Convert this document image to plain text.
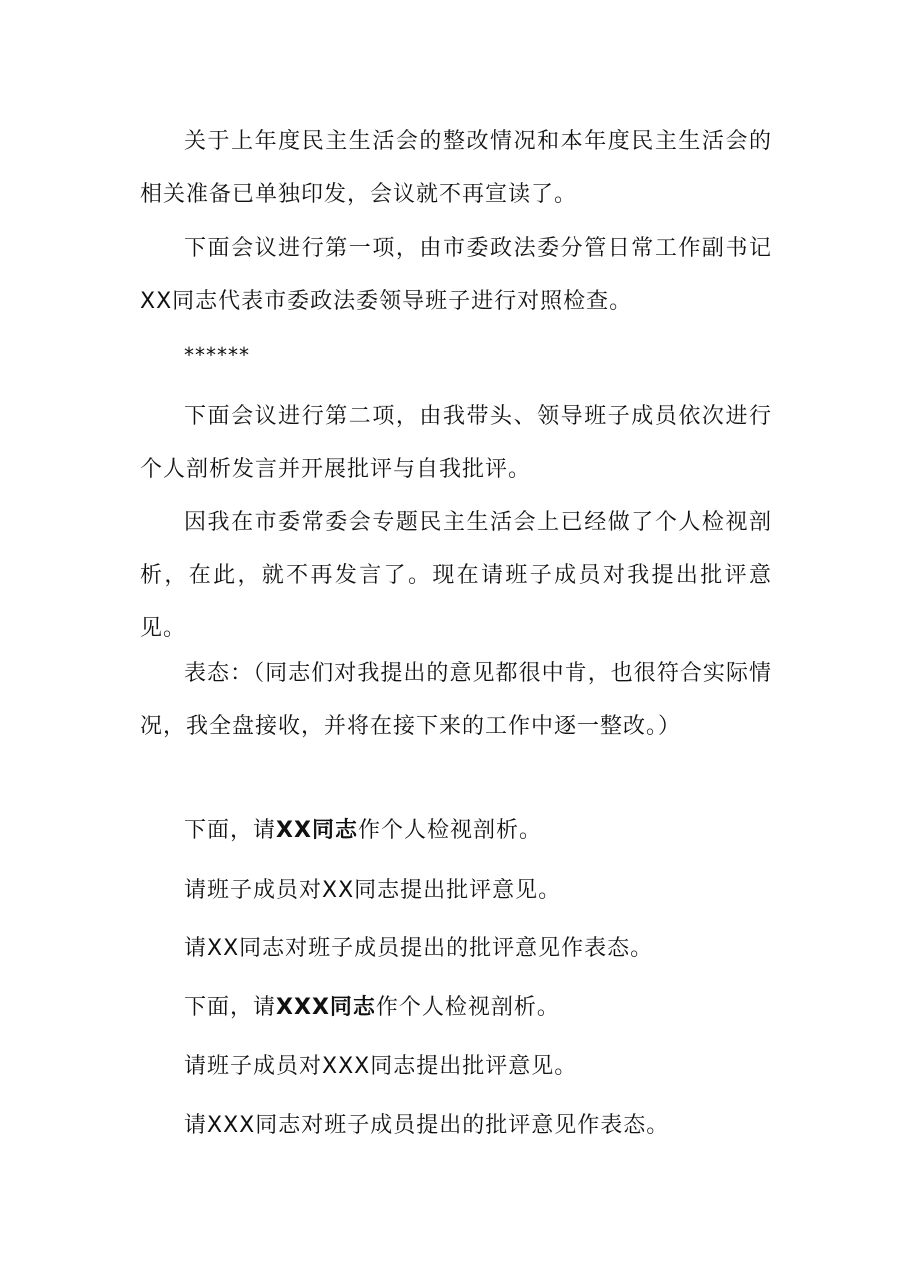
关于上年度民主生活会的整改情况和本年度民主生活会的相关准备已单独印发，会议就不再宣读了。

下面会议进行第一项，由市委政法委分管日常工作副书记XX同志代表市委政法委领导班子进行对照检查。

******

下面会议进行第二项，由我带头、领导班子成员依次进行个人剖析发言并开展批评与自我批评。

因我在市委常委会专题民主生活会上已经做了个人检视剖析，在此，就不再发言了。现在请班子成员对我提出批评意见。

表态：（同志们对我提出的意见都很中肯，也很符合实际情况，我全盘接收，并将在接下来的工作中逐一整改。）

下面，请XX同志作个人检视剖析。
请班子成员对XX同志提出批评意见。
请XX同志对班子成员提出的批评意见作表态。
下面，请XXX同志作个人检视剖析。
请班子成员对XXX同志提出批评意见。
请XXX同志对班子成员提出的批评意见作表态。
